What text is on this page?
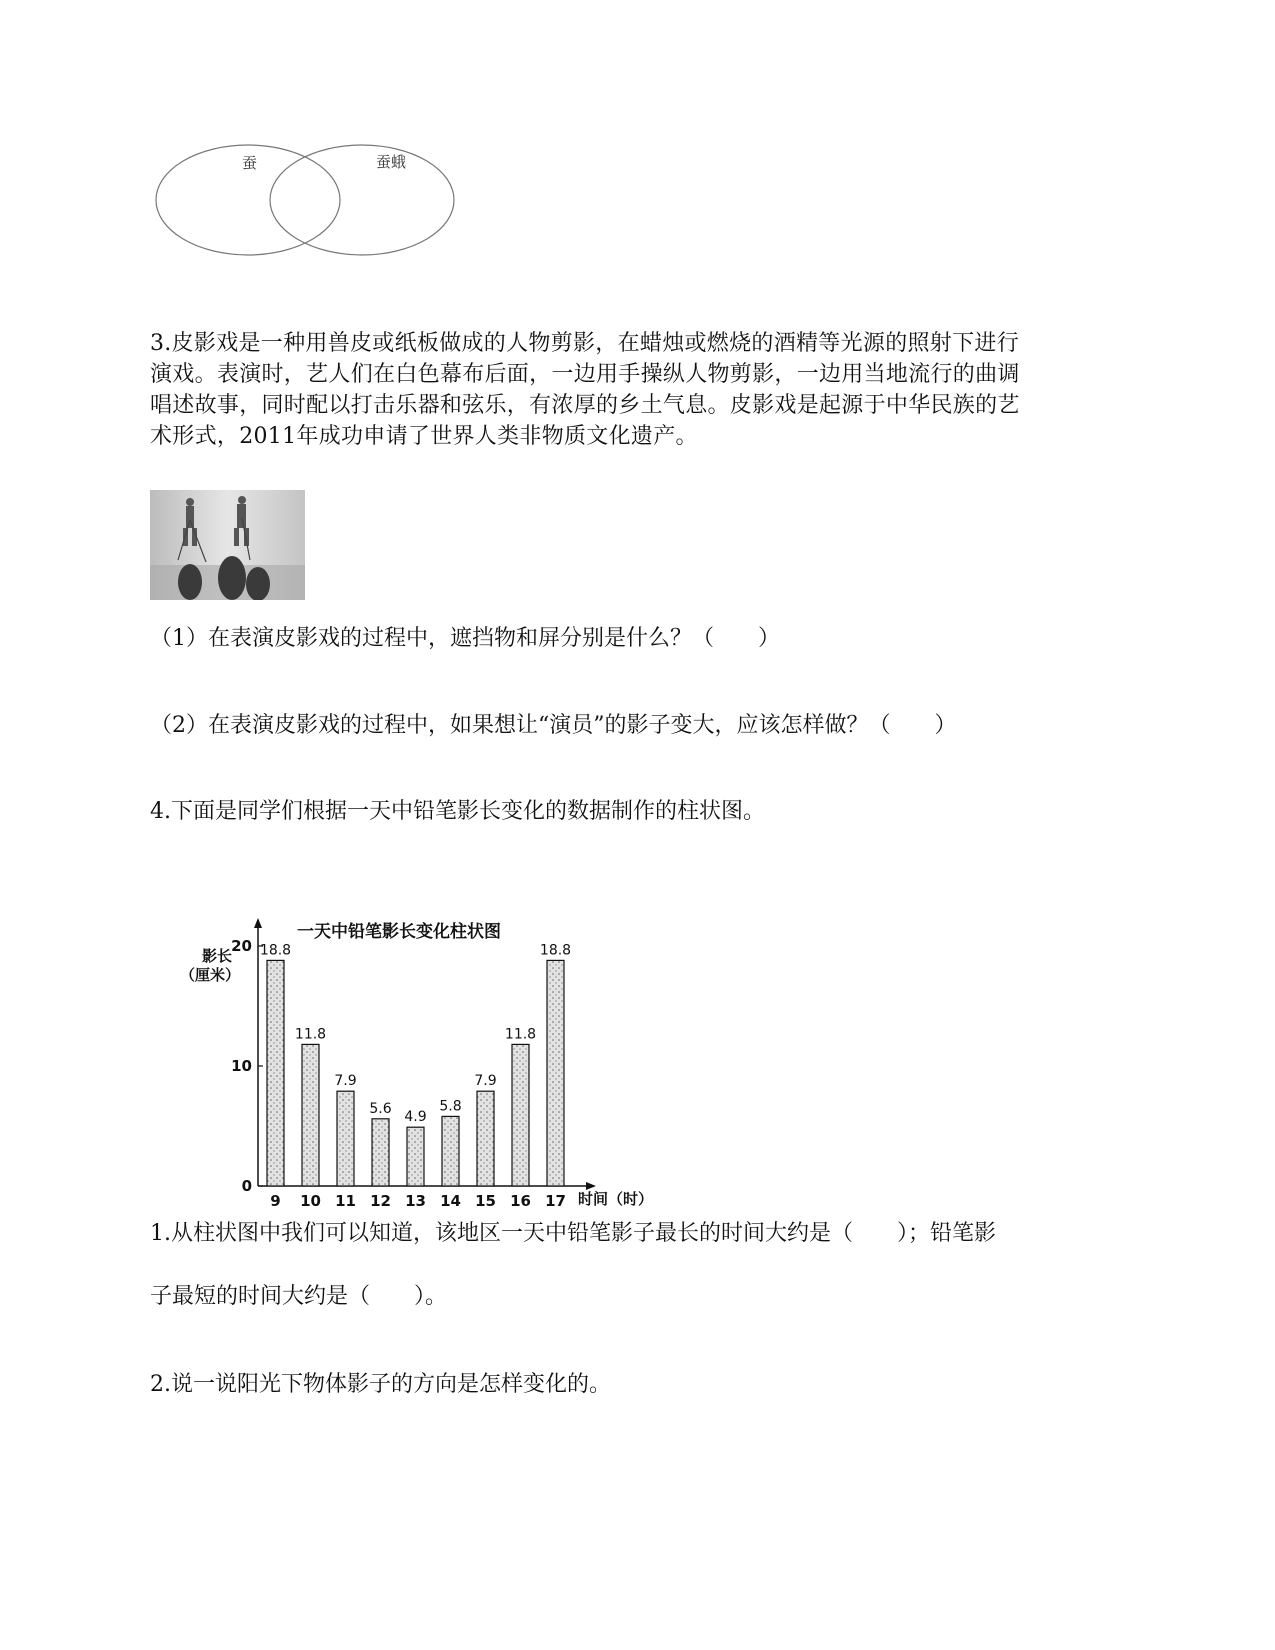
蚕	蚕蛾
3.皮影戏是一种用兽皮或纸板做成的人物剪影，在蜡烛或燃烧的酒精等光源的照射下进行
演戏。表演时，艺人们在白色幕布后面，一边用手操纵人物剪影，一边用当地流行的曲调
唱述故事，同时配以打击乐器和弦乐，有浓厚的乡土气息。皮影戏是起源于中华民族的艺
术形式，2011年成功申请了世界人类非物质文化遗产。
（1）在表演皮影戏的过程中，遮挡物和屏分别是什么？（　　）
（2）在表演皮影戏的过程中，如果想让“演员”的影子变大，应该怎样做？（　　）
4.下面是同学们根据一天中铅笔影长变化的数据制作的柱状图。
一天中铅笔影长变化柱状图
影长
（厘米）
时间（时）
0
10
20 18.8
9
11.8
10
7.9
11
5.6
12
4.9
13
5.8
14
7.9
15
11.8
16
18.8
17
1.从柱状图中我们可以知道，该地区一天中铅笔影子最长的时间大约是（　　）；铅笔影
子最短的时间大约是（　　）。
2.说一说阳光下物体影子的方向是怎样变化的。
